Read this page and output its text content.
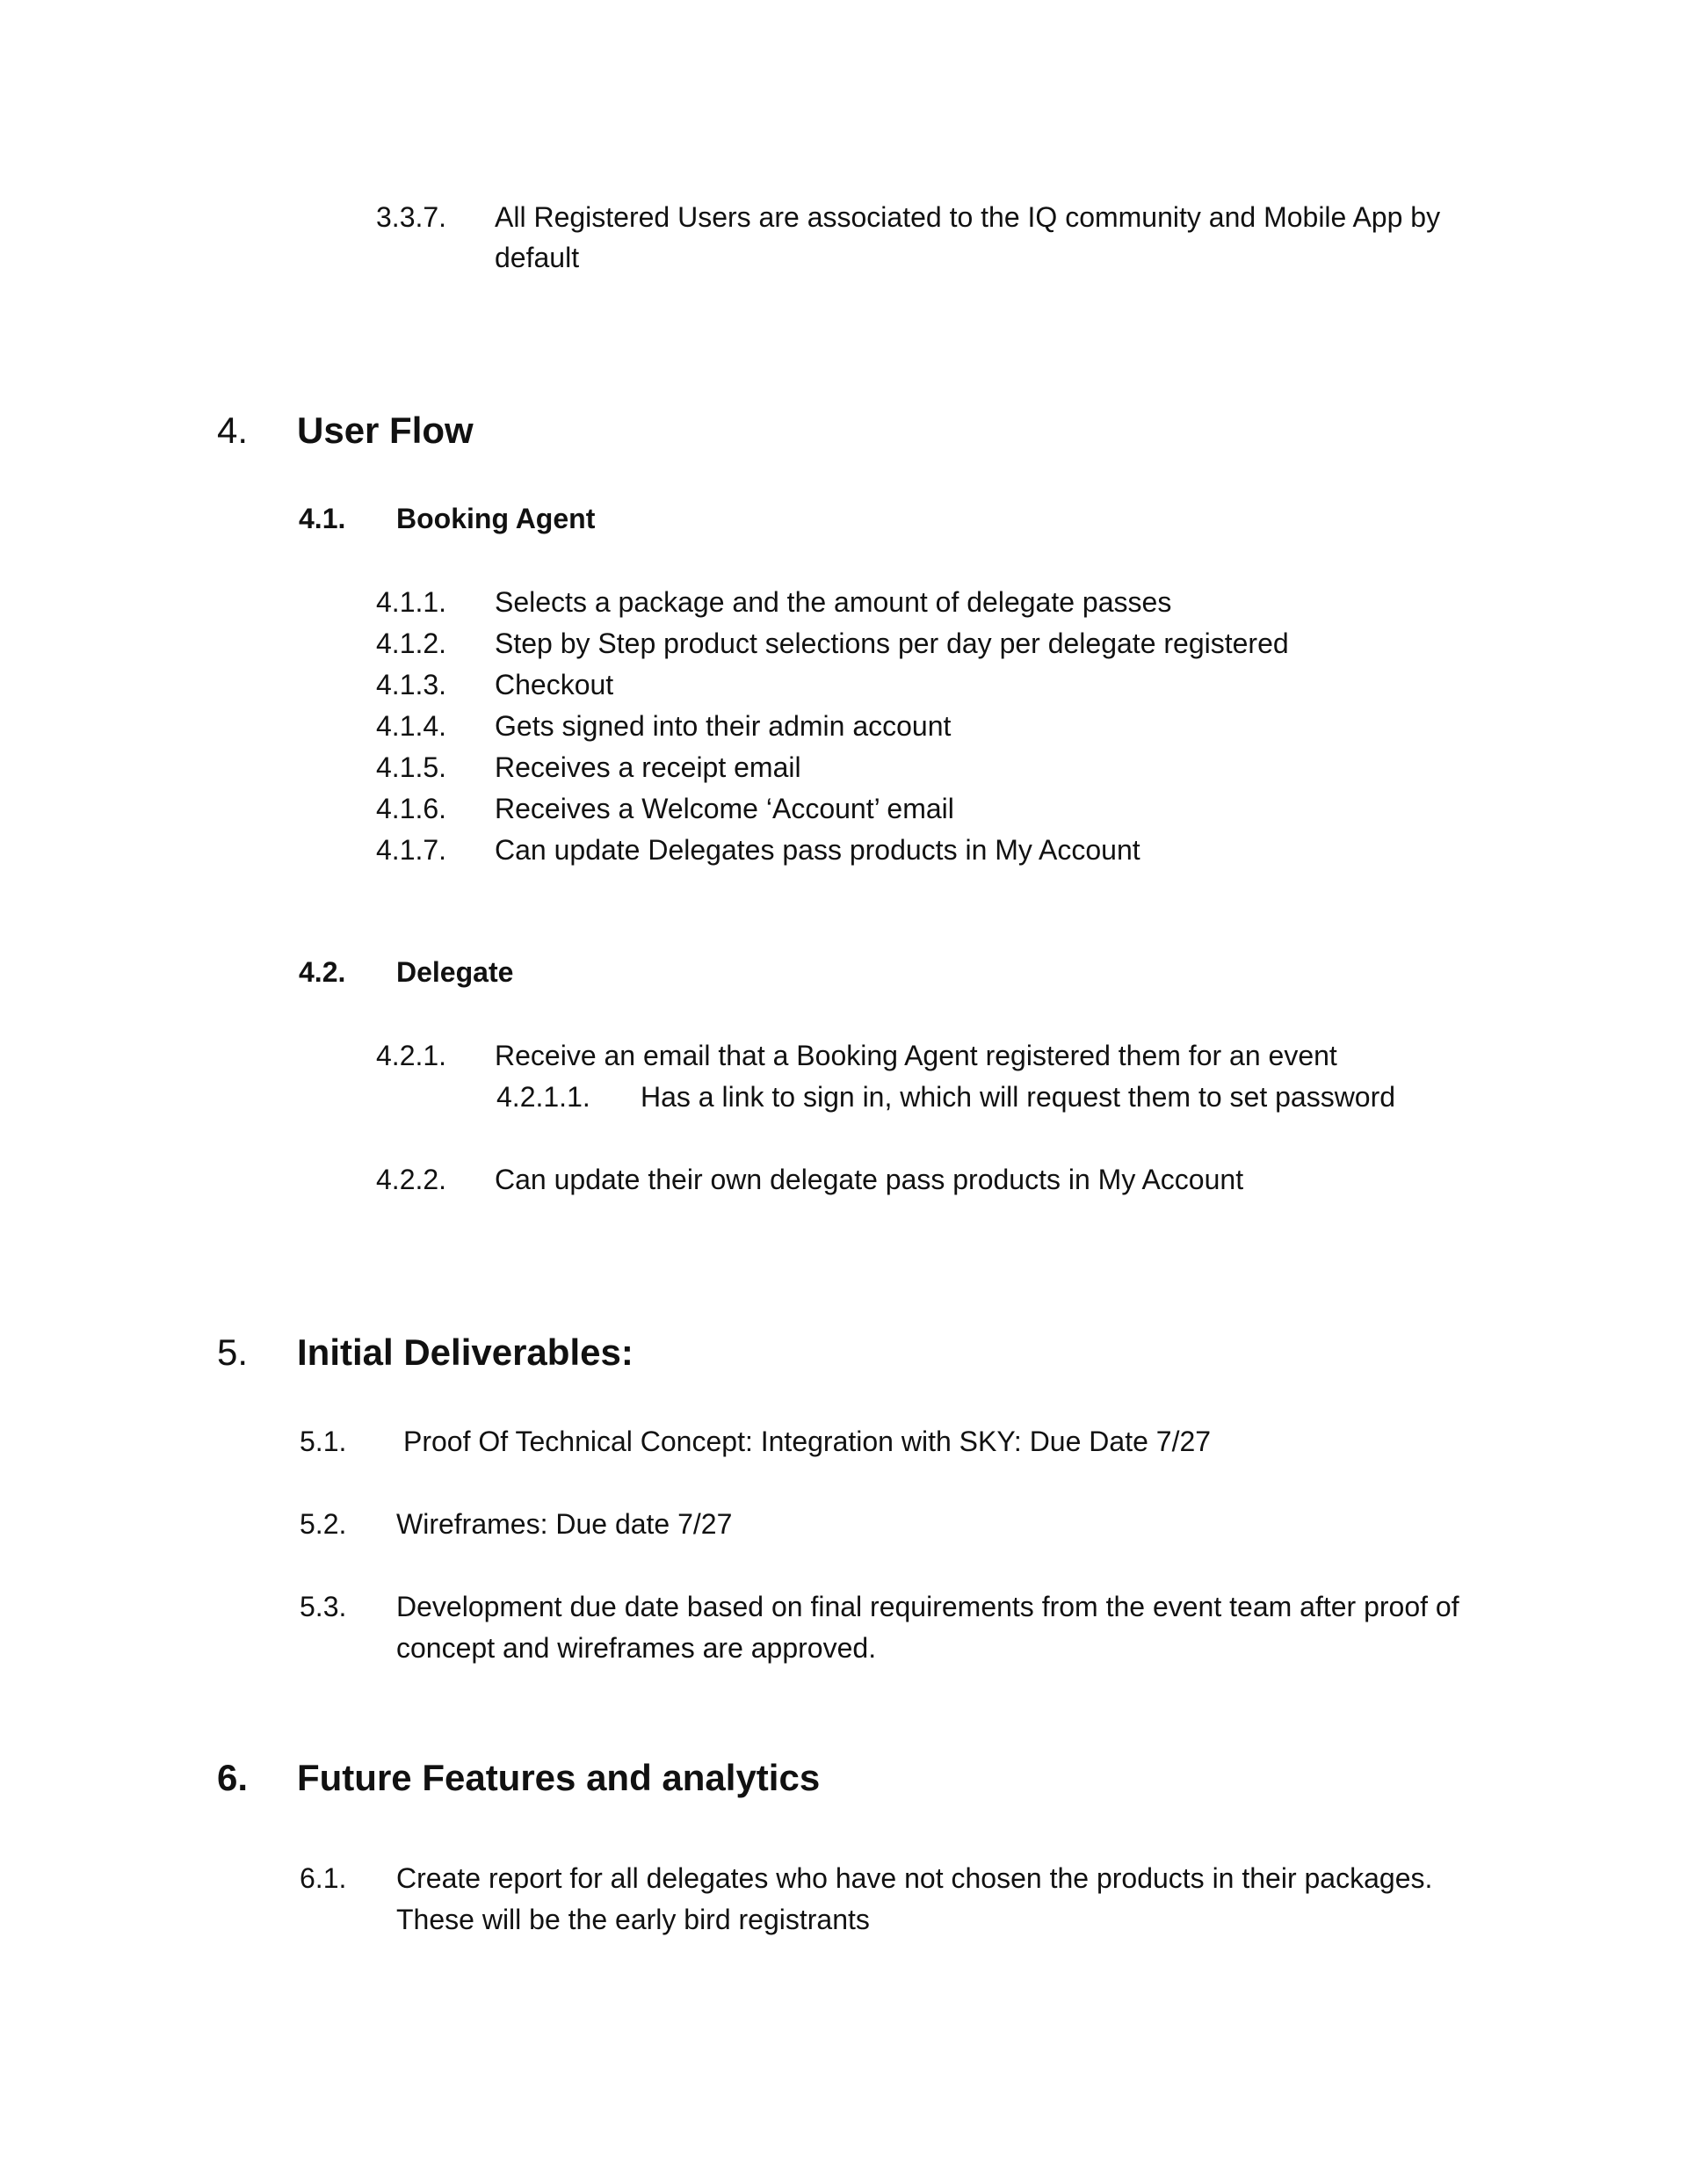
3.3.7. All Registered Users are associated to the IQ community and Mobile App by
default
4. User Flow
4.1. Booking Agent
4.1.1. Selects a package and the amount of delegate passes
4.1.2. Step by Step product selections per day per delegate registered
4.1.3. Checkout
4.1.4. Gets signed into their admin account
4.1.5. Receives a receipt email
4.1.6. Receives a Welcome ‘Account’ email
4.1.7. Can update Delegates pass products in My Account
4.2. Delegate
4.2.1. Receive an email that a Booking Agent registered them for an event
4.2.1.1. Has a link to sign in, which will request them to set password
4.2.2. Can update their own delegate pass products in My Account
5. Initial Deliverables:
5.1. Proof Of Technical Concept: Integration with SKY: Due Date 7/27
5.2. Wireframes: Due date 7/27
5.3. Development due date based on final requirements from the event team after proof of
concept and wireframes are approved.
6. Future Features and analytics
6.1. Create report for all delegates who have not chosen the products in their packages.
These will be the early bird registrants
